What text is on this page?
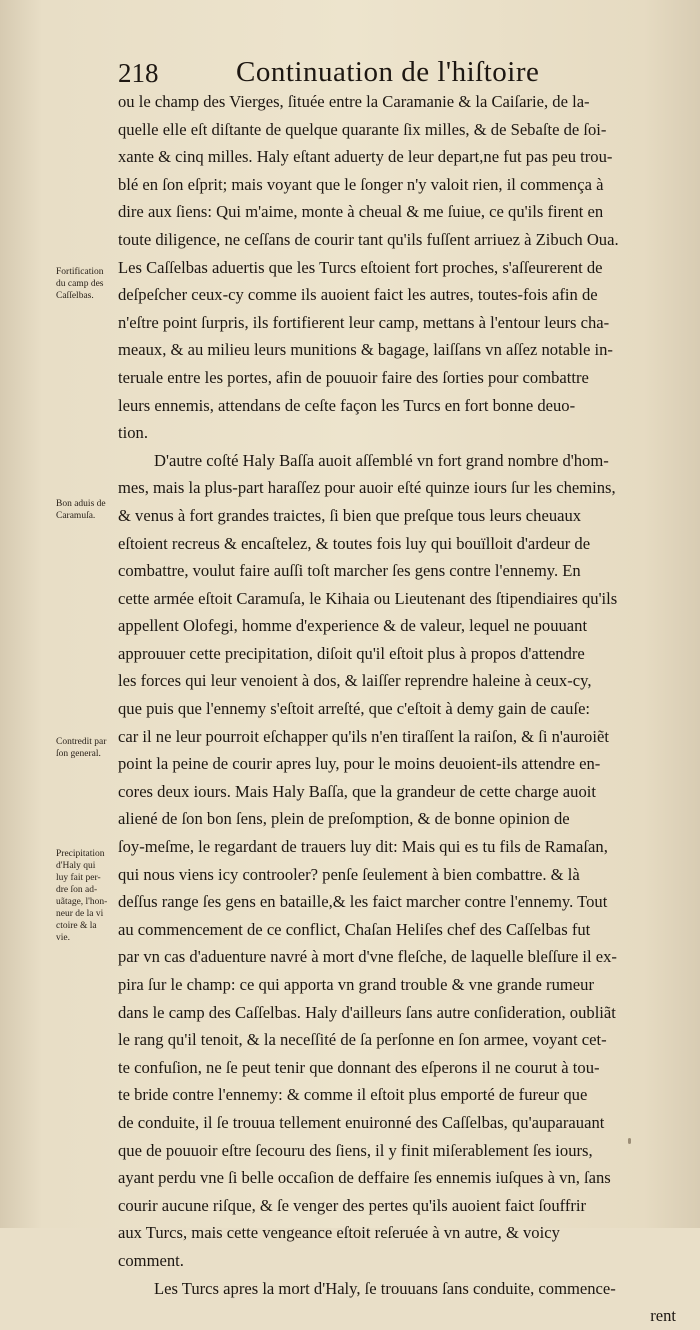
218	Continuation de l'hiſtoire
ou le champ des Vierges, ſituée entre la Caramanie & la Caiſarie, de la-
quelle elle eſt diſtante de quelque quarante ſix milles, & de Sebaſte de ſoi-
xante & cinq milles. Haly eſtant aduerty de leur depart,ne fut pas peu trou-
blé en ſon eſprit; mais voyant que le ſonger n'y valoit rien, il commença à
dire aux ſiens: Qui m'aime, monte à cheual & me ſuiue, ce qu'ils firent en
toute diligence, ne ceſſans de courir tant qu'ils fuſſent arriuez à Zibuch Oua.
Les Caſſelbas aduertis que les Turcs eſtoient fort proches, s'aſſeurerent de
deſpeſcher ceux-cy comme ils auoient faict les autres, toutes-fois afin de
n'eſtre point ſurpris, ils fortifierent leur camp, mettans à l'entour leurs cha-
meaux, & au milieu leurs munitions & bagage, laiſſans vn aſſez notable in-
teruale entre les portes, afin de pouuoir faire des ſorties pour combattre
leurs ennemis, attendans de ceſte façon les Turcs en fort bonne deuo-
tion.
D'autre coſté Haly Baſſa auoit aſſemblé vn fort grand nombre d'hom-
mes, mais la plus-part haraſſez pour auoir eſté quinze iours ſur les chemins,
& venus à fort grandes traictes, ſi bien que preſque tous leurs cheuaux
eſtoient recreus & encaſtelez, & toutes fois luy qui bouïlloit d'ardeur de
combattre, voulut faire auſſi toſt marcher ſes gens contre l'ennemy. En
cette armée eſtoit Caramuſa, le Kihaia ou Lieutenant des ſtipendiaires qu'ils
appellent Olofegi, homme d'experience & de valeur, lequel ne pouuant
approuuer cette precipitation, diſoit qu'il eſtoit plus à propos d'attendre
les forces qui leur venoient à dos, & laiſſer reprendre haleine à ceux-cy,
que puis que l'ennemy s'eſtoit arreſté, que c'eſtoit à demy gain de cauſe:
car il ne leur pourroit eſchapper qu'ils n'en tiraſſent la raiſon, & ſi n'auroiẽt
point la peine de courir apres luy, pour le moins deuoient-ils attendre en-
cores deux iours. Mais Haly Baſſa, que la grandeur de cette charge auoit
aliené de ſon bon ſens, plein de preſomption, & de bonne opinion de
ſoy-meſme, le regardant de trauers luy dit: Mais qui es tu fils de Ramaſan,
qui nous viens icy controoler? penſe ſeulement à bien combattre. & là
deſſus range ſes gens en bataille,& les faict marcher contre l'ennemy. Tout
au commencement de ce conflict, Chaſan Heliſes chef des Caſſelbas fut
par vn cas d'aduenture navré à mort d'vne fleſche, de laquelle bleſſure il ex-
pira ſur le champ: ce qui apporta vn grand trouble & vne grande rumeur
dans le camp des Caſſelbas. Haly d'ailleurs ſans autre conſideration, oubliãt
le rang qu'il tenoit, & la neceſſité de ſa perſonne en ſon armee, voyant cet-
te confuſion, ne ſe peut tenir que donnant des eſperons il ne courut à tou-
te bride contre l'ennemy: & comme il eſtoit plus emporté de fureur que
de conduite, il ſe trouua tellement enuironné des Caſſelbas, qu'auparauant
que de pouuoir eſtre ſecouru des ſiens, il y finit miſerablement ſes iours,
ayant perdu vne ſi belle occaſion de deffaire ſes ennemis iuſques à vn, ſans
courir aucune riſque, & ſe venger des pertes qu'ils auoient faict ſouffrir
aux Turcs, mais cette vengeance eſtoit reſeruée à vn autre, & voicy
comment.
Les Turcs apres la mort d'Haly, ſe trouuans ſans conduite, commence-
rent
Fortification
du camp des
Caſſelbas.
Bon aduis de
Caramuſa.
Contredit par
ſon general.
Precipitation
d'Haly qui
luy fait per-
dre ſon ad-
uãtage, l'hon-
neur de la vi
ctoire & la
vie.
